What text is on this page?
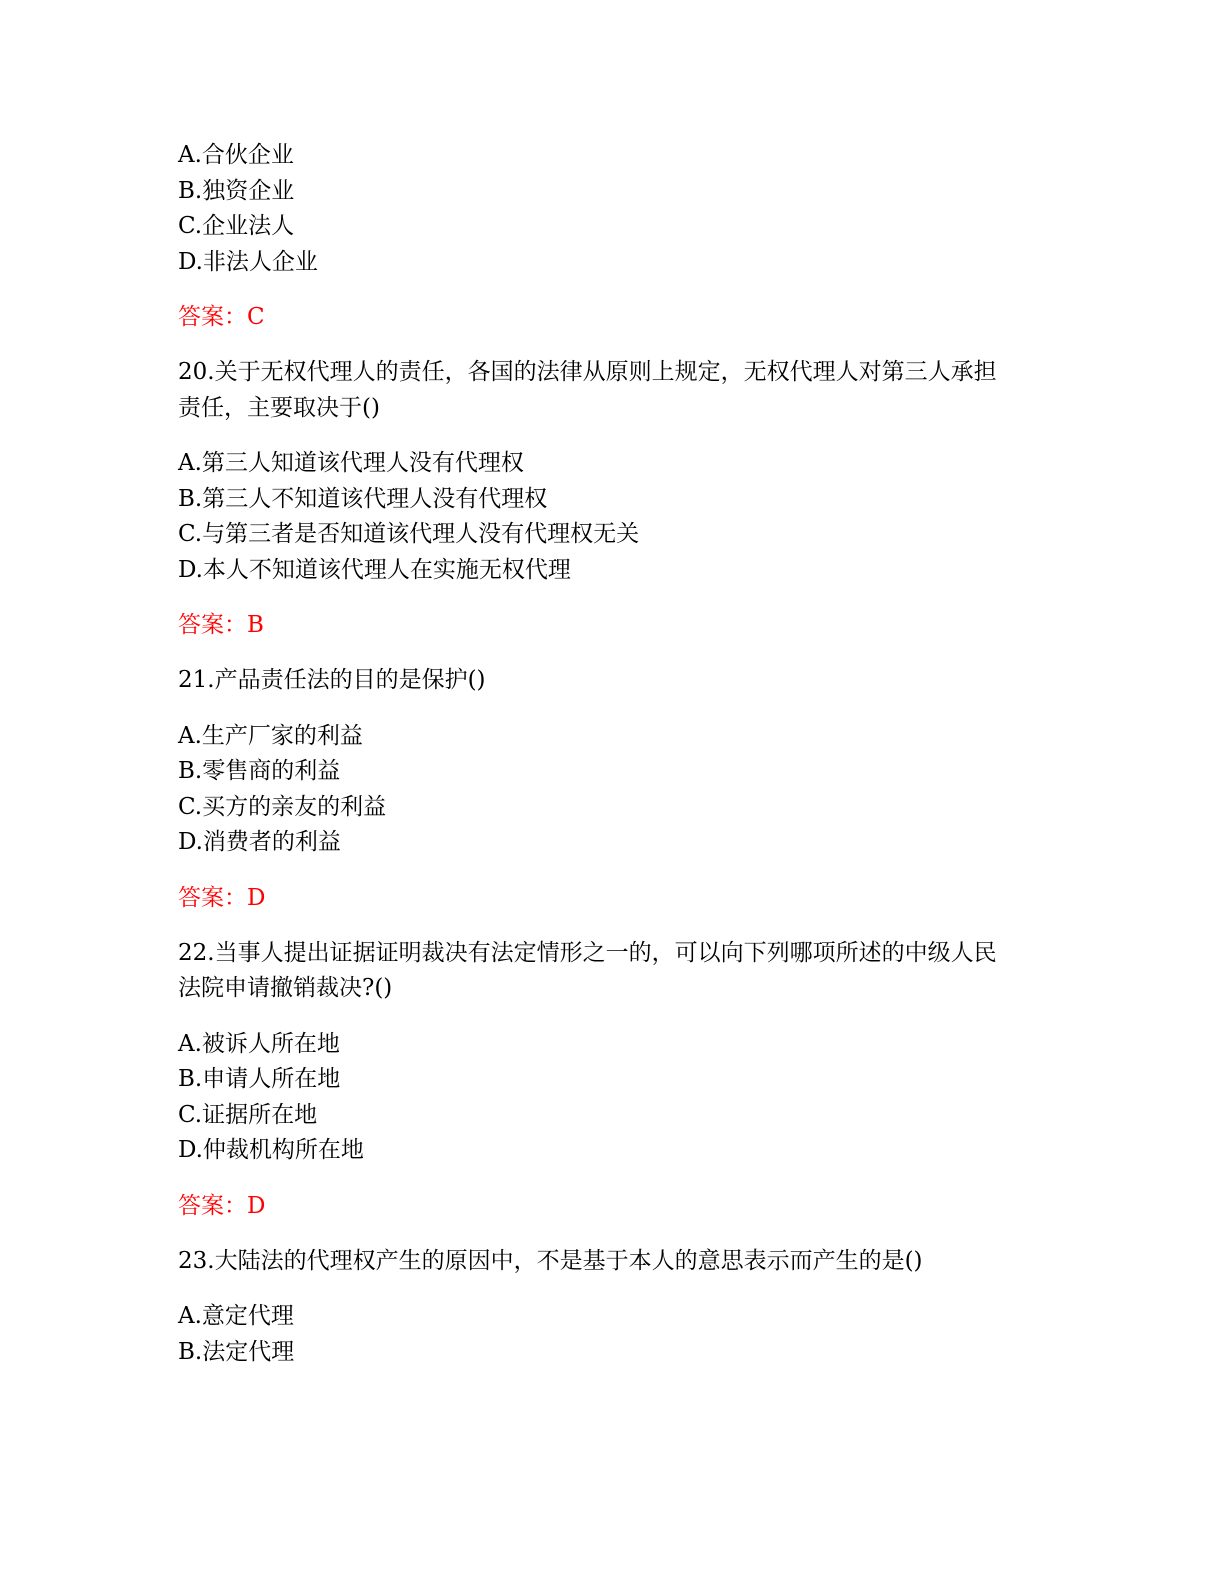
A.合伙企业
B.独资企业
C.企业法人
D.非法人企业
答案：C
20.关于无权代理人的责任，各国的法律从原则上规定，无权代理人对第三人承担
责任，主要取决于()
A.第三人知道该代理人没有代理权
B.第三人不知道该代理人没有代理权
C.与第三者是否知道该代理人没有代理权无关
D.本人不知道该代理人在实施无权代理
答案：B
21.产品责任法的目的是保护()
A.生产厂家的利益
B.零售商的利益
C.买方的亲友的利益
D.消费者的利益
答案：D
22.当事人提出证据证明裁决有法定情形之一的，可以向下列哪项所述的中级人民
法院申请撤销裁决?()
A.被诉人所在地
B.申请人所在地
C.证据所在地
D.仲裁机构所在地
答案：D
23.大陆法的代理权产生的原因中，不是基于本人的意思表示而产生的是()
A.意定代理
B.法定代理
